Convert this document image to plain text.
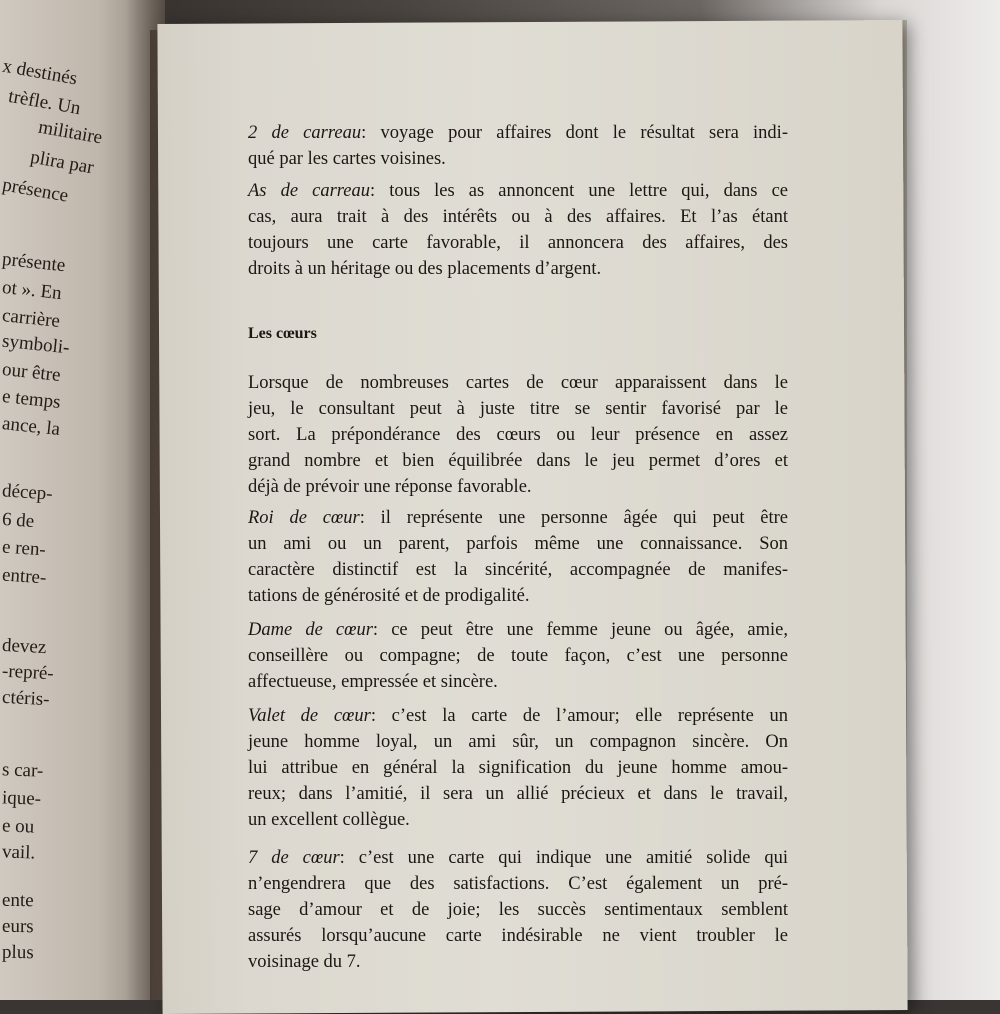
x destinés
trèfle. Un
militaire
plira par
présence
présente
ot ». En
carrière
symboli-
our être
e temps
ance, la
décep-
6 de
e ren-
entre-
devez
-repré-
ctéris-
s car-
ique-
e ou
vail.
ente
eurs
plus
2 de carreau: voyage pour affaires dont le résultat sera indi-
qué par les cartes voisines.
As de carreau: tous les as annoncent une lettre qui, dans ce
cas, aura trait à des intérêts ou à des affaires. Et l’as étant
toujours une carte favorable, il annoncera des affaires, des
droits à un héritage ou des placements d’argent.
Les cœurs
Lorsque de nombreuses cartes de cœur apparaissent dans le
jeu, le consultant peut à juste titre se sentir favorisé par le
sort. La prépondérance des cœurs ou leur présence en assez
grand nombre et bien équilibrée dans le jeu permet d’ores et
déjà de prévoir une réponse favorable.
Roi de cœur: il représente une personne âgée qui peut être
un ami ou un parent, parfois même une connaissance. Son
caractère distinctif est la sincérité, accompagnée de manifes-
tations de générosité et de prodigalité.
Dame de cœur: ce peut être une femme jeune ou âgée, amie,
conseillère ou compagne; de toute façon, c’est une personne
affectueuse, empressée et sincère.
Valet de cœur: c’est la carte de l’amour; elle représente un
jeune homme loyal, un ami sûr, un compagnon sincère. On
lui attribue en général la signification du jeune homme amou-
reux; dans l’amitié, il sera un allié précieux et dans le travail,
un excellent collègue.
7 de cœur: c’est une carte qui indique une amitié solide qui
n’engendrera que des satisfactions. C’est également un pré-
sage d’amour et de joie; les succès sentimentaux semblent
assurés lorsqu’aucune carte indésirable ne vient troubler le
voisinage du 7.
